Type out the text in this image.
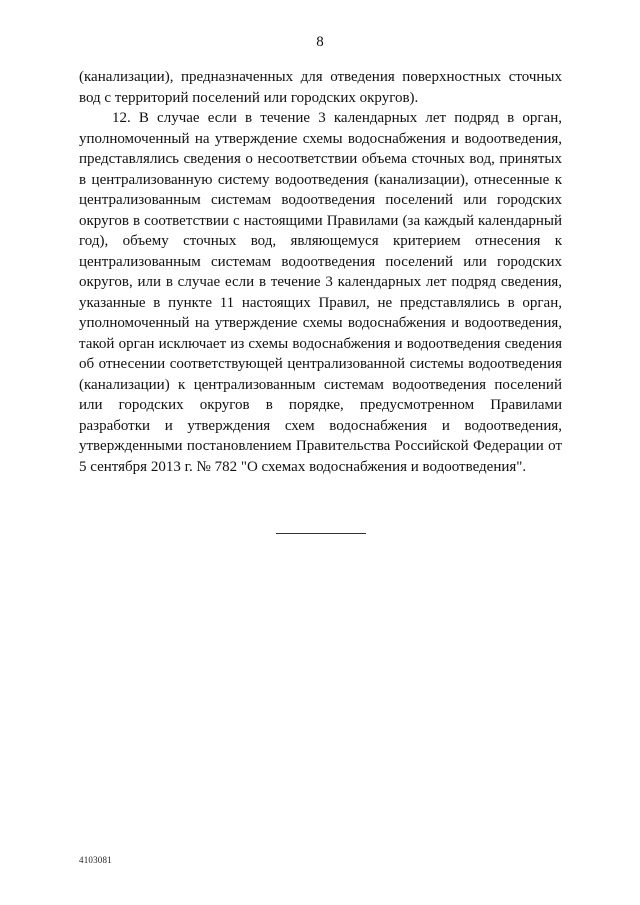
8

(канализации), предназначенных для отведения поверхностных сточных вод с территорий поселений или городских округов).

12. В случае если в течение 3 календарных лет подряд в орган, уполномоченный на утверждение схемы водоснабжения и водоотведения, представлялись сведения о несоответствии объема сточных вод, принятых в централизованную систему водоотведения (канализации), отнесенные к централизованным системам водоотведения поселений или городских округов в соответствии с настоящими Правилами (за каждый календарный год), объему сточных вод, являющемуся критерием отнесения к централизованным системам водоотведения поселений или городских округов, или в случае если в течение 3 календарных лет подряд сведения, указанные в пункте 11 настоящих Правил, не представлялись в орган, уполномоченный на утверждение схемы водоснабжения и водоотведения, такой орган исключает из схемы водоснабжения и водоотведения сведения об отнесении соответствующей централизованной системы водоотведения (канализации) к централизованным системам водоотведения поселений или городских округов в порядке, предусмотренном Правилами разработки и утверждения схем водоснабжения и водоотведения, утвержденными постановлением Правительства Российской Федерации от 5 сентября 2013 г. № 782 "О схемах водоснабжения и водоотведения".

4103081
